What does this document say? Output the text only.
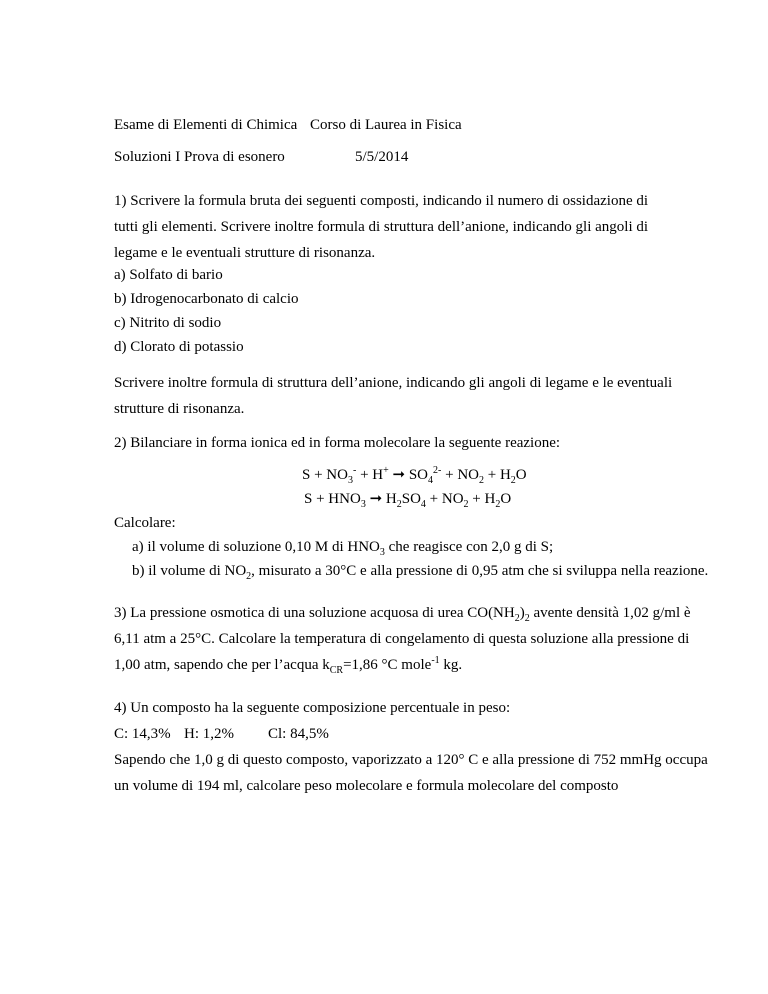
Esame di Elementi di Chimica Corso di Laurea in Fisica
Soluzioni I Prova di esonero	5/5/2014
1) Scrivere la formula bruta dei seguenti composti, indicando il numero di ossidazione di tutti gli elementi. Scrivere inoltre formula di struttura dell’anione, indicando gli angoli di legame e le eventuali strutture di risonanza.
a) Solfato di bario
b) Idrogenocarbonato di calcio
c) Nitrito di sodio
d) Clorato di potassio
Scrivere inoltre formula di struttura dell’anione, indicando gli angoli di legame e le eventuali strutture di risonanza.
2) Bilanciare in forma ionica ed in forma molecolare la seguente reazione:
$S + NO_3^- + H^+$ ➞ $SO_4^{2-} + NO_2 + H_2O$
$S + HNO_3$ ➞ $H_2SO_4 + NO_2 + H_2O$
Calcolare:
a) il volume di soluzione 0,10 M di $HNO_3$ che reagisce con 2,0 g di S;
b) il volume di $NO_2$, misurato a 30°C e alla pressione di 0,95 atm che si sviluppa nella reazione.
3) La pressione osmotica di una soluzione acquosa di urea $CO(NH_2)_2$ avente densità 1,02 g/ml è
6,11 atm a 25°C. Calcolare la temperatura di congelamento di questa soluzione alla pressione di
1,00 atm, sapendo che per l’acqua $k_{CR}=1,86$ °C mole$^{-1}$ kg.
4) Un composto ha la seguente composizione percentuale in peso:
C: 14,3% H: 1,2% Cl: 84,5%
Sapendo che 1,0 g di questo composto, vaporizzato a 120° C e alla pressione di 752 mmHg occupa
un volume di 194 ml, calcolare peso molecolare e formula molecolare del composto
